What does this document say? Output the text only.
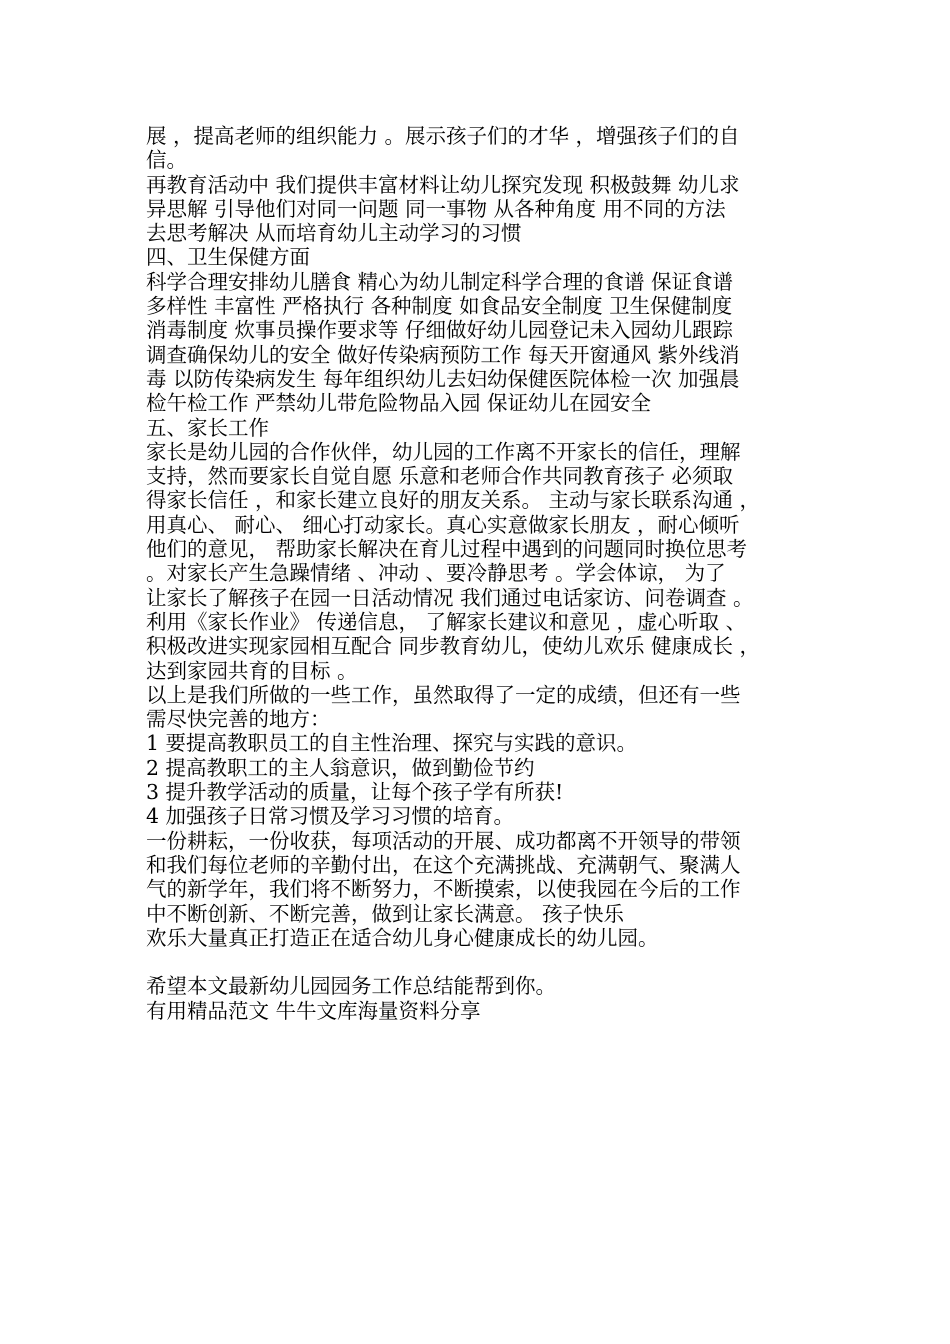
展 ，提高老师的组织能力 。展示孩子们的才华 ，增强孩子们的自
信。
再教育活动中 我们提供丰富材料让幼儿探究发现 积极鼓舞 幼儿求
异思解 引导他们对同一问题 同一事物 从各种角度 用不同的方法
去思考解决 从而培育幼儿主动学习的习惯
四、卫生保健方面
科学合理安排幼儿膳食 精心为幼儿制定科学合理的食谱 保证食谱
多样性 丰富性 严格执行 各种制度 如食品安全制度 卫生保健制度
消毒制度 炊事员操作要求等 仔细做好幼儿园登记未入园幼儿跟踪
调查确保幼儿的安全 做好传染病预防工作 每天开窗通风 紫外线消
毒 以防传染病发生 每年组织幼儿去妇幼保健医院体检一次 加强晨
检午检工作 严禁幼儿带危险物品入园 保证幼儿在园安全
五、家长工作
家长是幼儿园的合作伙伴，幼儿园的工作离不开家长的信任，理解
支持，然而要家长自觉自愿 乐意和老师合作共同教育孩子 必须取
得家长信任 ，和家长建立良好的朋友关系。 主动与家长联系沟通 ，
用真心、 耐心、 细心打动家长。真心实意做家长朋友 ，耐心倾听
他们的意见， 帮助家长解决在育儿过程中遇到的问题同时换位思考
。对家长产生急躁情绪 、冲动 、要冷静思考 。学会体谅， 为了
让家长了解孩子在园一日活动情况 我们通过电话家访、问卷调查 。
利用《家长作业》 传递信息， 了解家长建议和意见 ，虚心听取 、
积极改进实现家园相互配合 同步教育幼儿，使幼儿欢乐 健康成长 ，
达到家园共育的目标 。
以上是我们所做的一些工作，虽然取得了一定的成绩，但还有一些
需尽快完善的地方：
1 要提高教职员工的自主性治理、探究与实践的意识。
2 提高教职工的主人翁意识，做到勤俭节约
3 提升教学活动的质量，让每个孩子学有所获!
4 加强孩子日常习惯及学习习惯的培育。
一份耕耘，一份收获，每项活动的开展、成功都离不开领导的带领
和我们每位老师的辛勤付出，在这个充满挑战、充满朝气、聚满人
气的新学年，我们将不断努力，不断摸索，以使我园在今后的工作
中不断创新、不断完善，做到让家长满意。 孩子快乐
欢乐大量真正打造正在适合幼儿身心健康成长的幼儿园。
希望本文最新幼儿园园务工作总结能帮到你。
有用精品范文 牛牛文库海量资料分享
